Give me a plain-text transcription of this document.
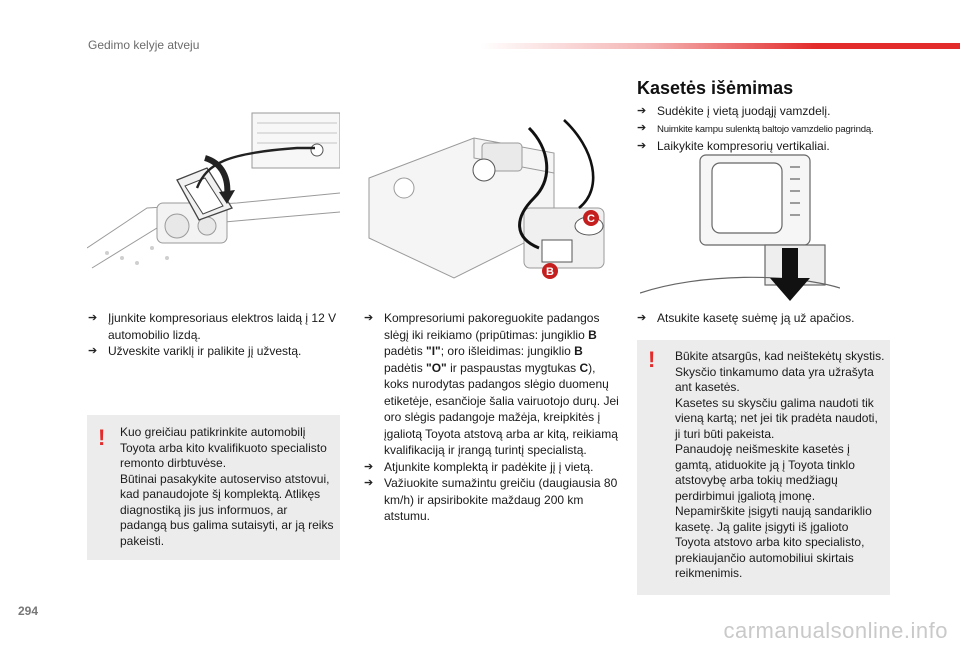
Gedimo kelyje atveju
C
B
➔ Įjunkite kompresoriaus elektros laidą į 12 V automobilio lizdą.
➔ Užveskite variklį ir palikite jį užvestą.
! Kuo greičiau patikrinkite automobilį Toyota arba kito kvalifikuoto specialisto remonto dirbtuvėse.
Būtinai pasakykite autoserviso atstovui, kad panaudojote šį komplektą. Atlikęs diagnostiką jis jus informuos, ar padangą bus galima sutaisyti, ar ją reiks pakeisti.
➔ Kompresoriumi pakoreguokite padangos slėgį iki reikiamo (pripūtimas: jungiklio B padėtis "I"; oro išleidimas: jungiklio B padėtis "O" ir paspaustas mygtukas C), koks nurodytas padangos slėgio duomenų etiketėje, esančioje šalia vairuotojo durų. Jei oro slėgis padangoje mažėja, kreipkitės į įgaliotą Toyota atstovą arba ar kitą, reikiamą kvalifikaciją ir įrangą turintį specialistą.
➔ Atjunkite komplektą ir padėkite jį į vietą.
➔ Važiuokite sumažintu greičiu (daugiausia 80 km/h) ir apsiribokite maždaug 200 km atstumu.
Kasetės išėmimas
➔ Sudėkite į vietą juodąjį vamzdelį.
➔ Nuimkite kampu sulenktą baltojo vamzdelio pagrindą.
➔ Laikykite kompresorių vertikaliai.
➔ Atsukite kasetę suėmę ją už apačios.
! Būkite atsargūs, kad neištekėtų skystis. Skysčio tinkamumo data yra užrašyta ant kasetės.
Kasetes su skysčiu galima naudoti tik vieną kartą; net jei tik pradėta naudoti, ji turi būti pakeista.
Panaudoję neišmeskite kasetės į gamtą, atiduokite ją į Toyota tinklo atstovybę arba tokių medžiagų perdirbimui įgaliotą įmonę.
Nepamirškite įsigyti naują sandariklio kasetę. Ją galite įsigyti iš įgalioto Toyota atstovo arba kito specialisto, prekiaujančio automobiliui skirtais reikmenimis.
294
carmanualsonline.info
